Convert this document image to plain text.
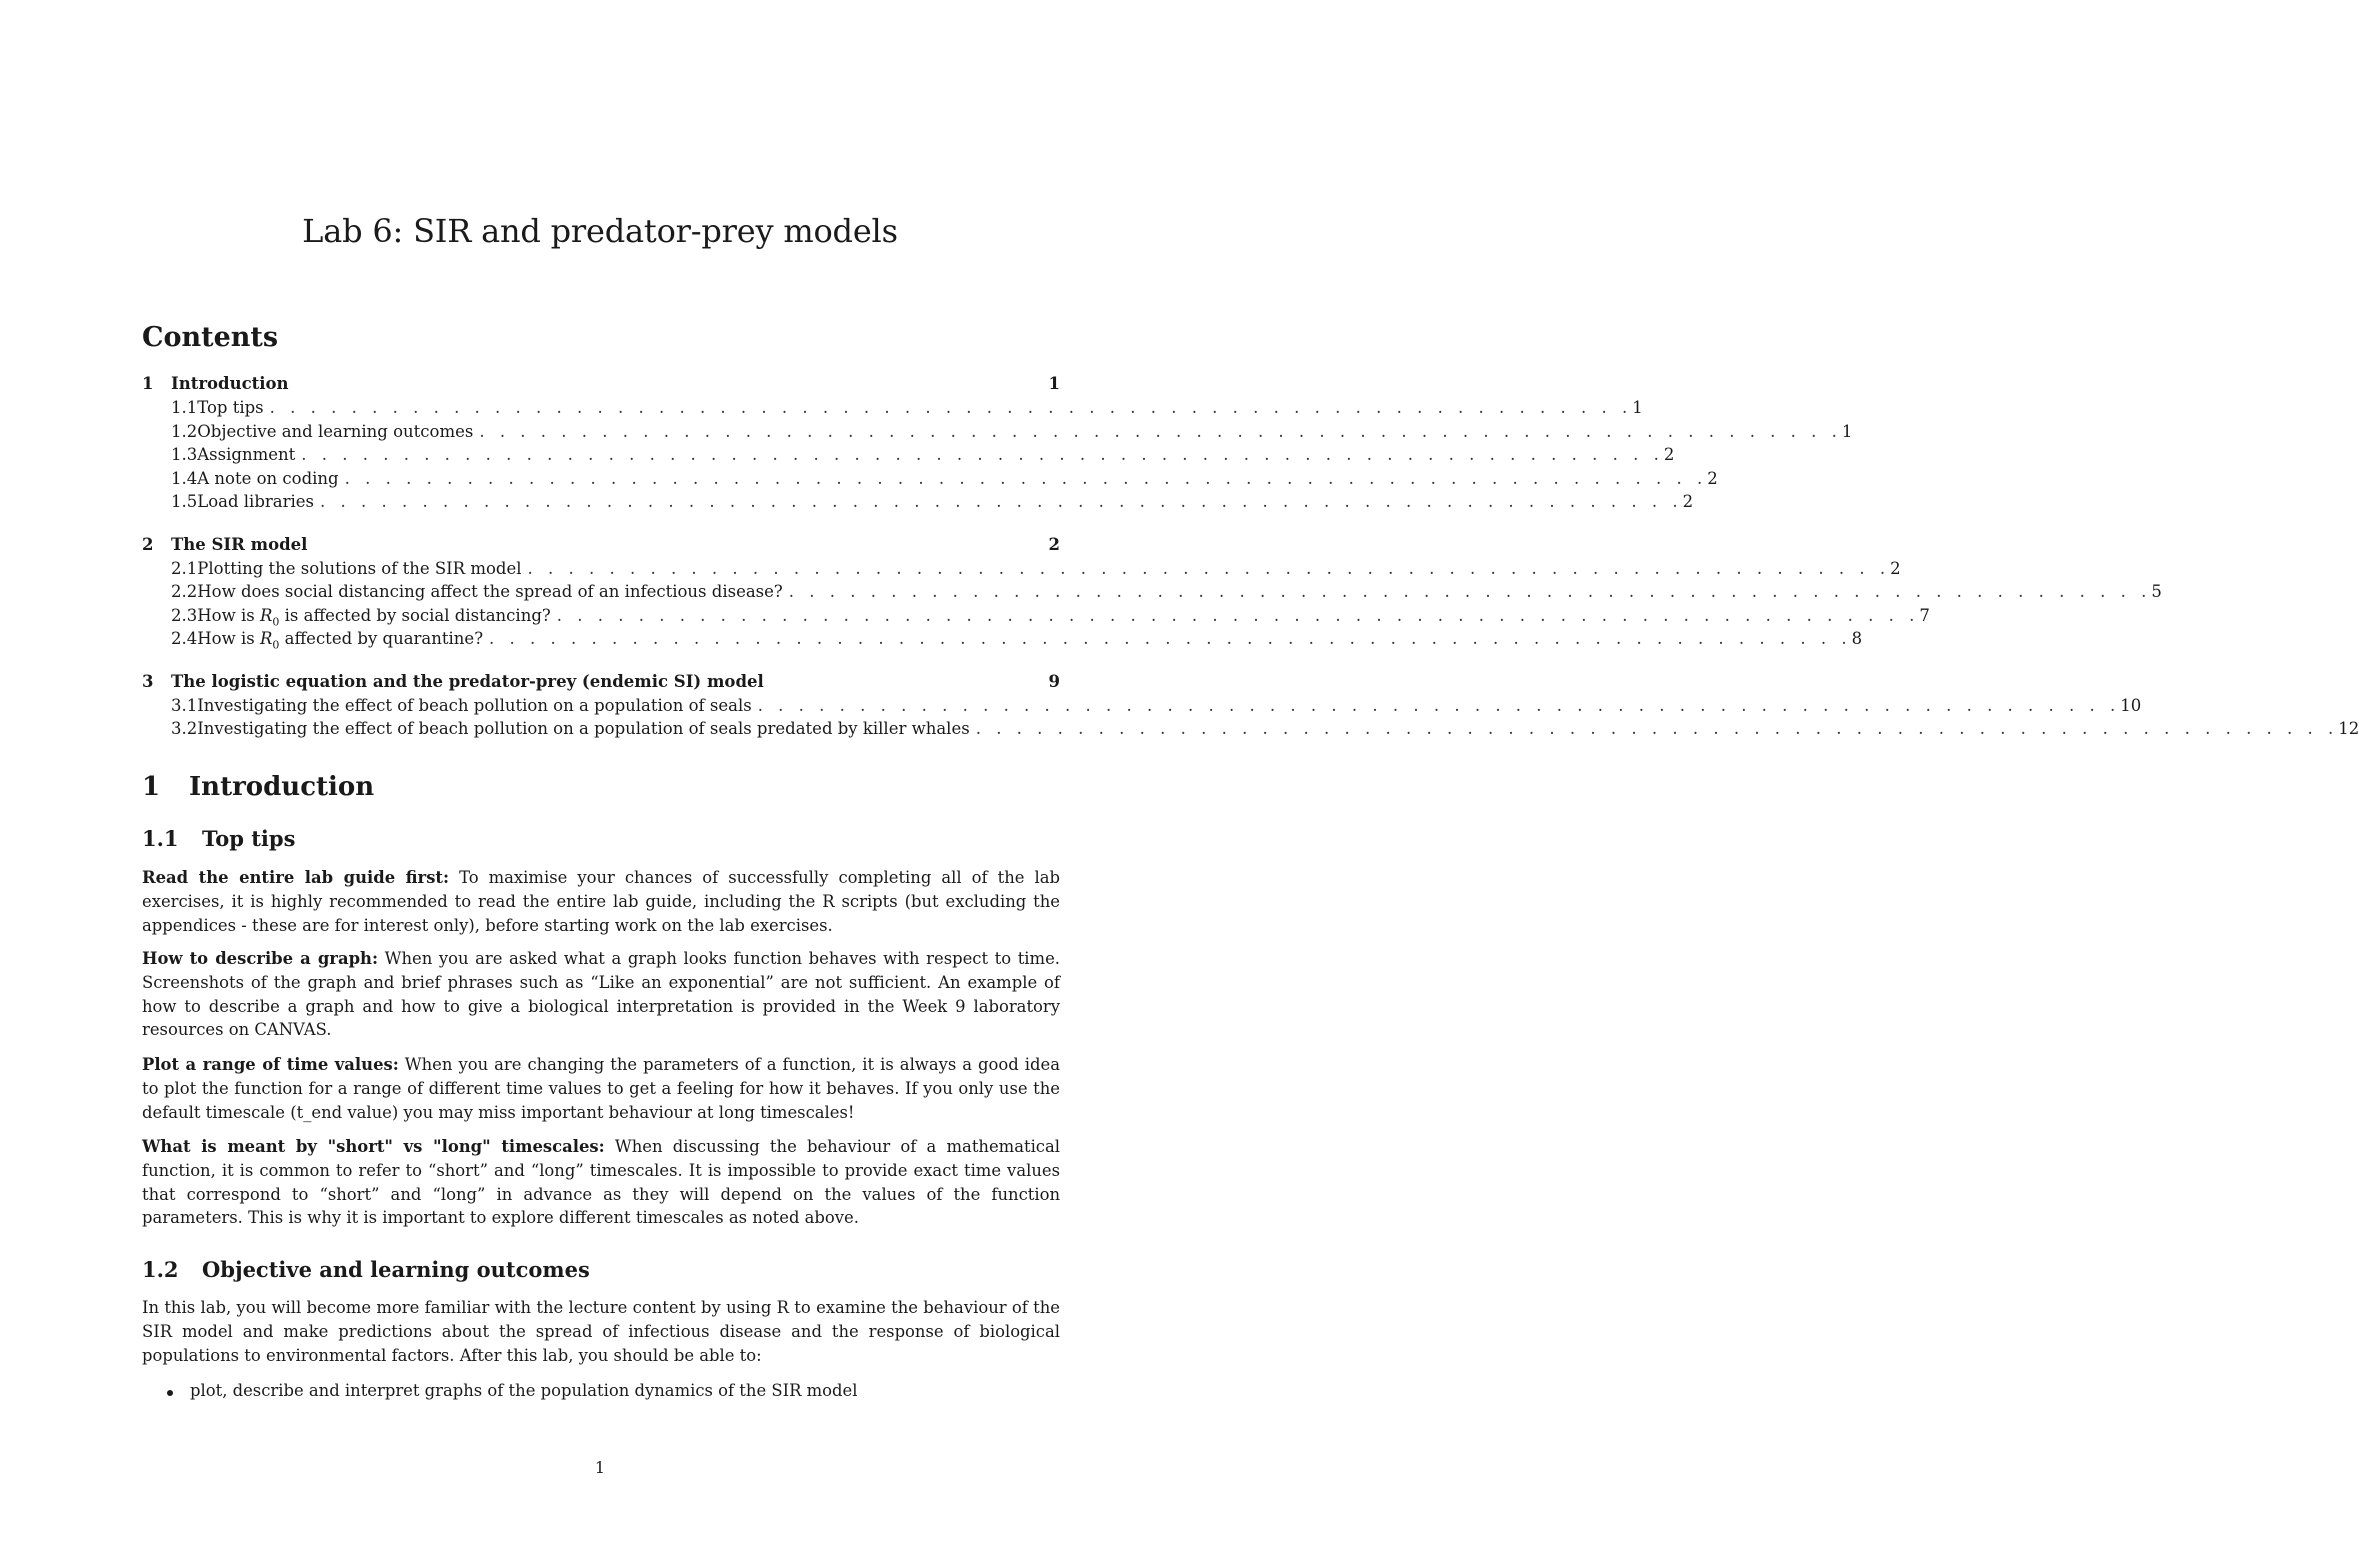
Lab 6: SIR and predator-prey models
Contents
1	Introduction	1
1.1 Top tips . . . . . . . . . . . . . . . . . . . . . . . . . . . . . . . . . . . . . . . . . . . . . . . . . . . . . . . . . . . . . . . . . . . 1
1.2 Objective and learning outcomes . . . . . . . . . . . . . . . . . . . . . . . . . . . . . . . . . . . . . . . . . . . . . . . . . . . . . . . . . . . . . . . . . . . 1
1.3 Assignment . . . . . . . . . . . . . . . . . . . . . . . . . . . . . . . . . . . . . . . . . . . . . . . . . . . . . . . . . . . . . . . . . . . 2
1.4 A note on coding . . . . . . . . . . . . . . . . . . . . . . . . . . . . . . . . . . . . . . . . . . . . . . . . . . . . . . . . . . . . . . . . . . . 2
1.5 Load libraries . . . . . . . . . . . . . . . . . . . . . . . . . . . . . . . . . . . . . . . . . . . . . . . . . . . . . . . . . . . . . . . . . . . 2
2	The SIR model	2
2.1 Plotting the solutions of the SIR model . . . . . . . . . . . . . . . . . . . . . . . . . . . . . . . . . . . . . . . . . . . . . . . . . . . . . . . . . . . . . . . . . . . 2
2.2 How does social distancing affect the spread of an infectious disease? . . . . . . . . . . . . . . . . . . . . . . . . . . . . . . . . . . . . . . . . . . . . . . . . . . . . . . . . . . . . . . . . . . . 5
2.3 How is $R_0$ is affected by social distancing? . . . . . . . . . . . . . . . . . . . . . . . . . . . . . . . . . . . . . . . . . . . . . . . . . . . . . . . . . . . . . . . . . . . 7
2.4 How is $R_0$ affected by quarantine? . . . . . . . . . . . . . . . . . . . . . . . . . . . . . . . . . . . . . . . . . . . . . . . . . . . . . . . . . . . . . . . . . . . 8
3	The logistic equation and the predator-prey (endemic SI) model	9
3.1 Investigating the effect of beach pollution on a population of seals . . . . . . . . . . . . . . . . . . . . . . . . . . . . . . . . . . . . . . . . . . . . . . . . . . . . . . . . . . . . . . . . . . . 10
3.2 Investigating the effect of beach pollution on a population of seals predated by killer whales . . . . . . . . . . . . . . . . . . . . . . . . . . . . . . . . . . . . . . . . . . . . . . . . . . . . . . . . . . . . . . . . . . . 12
1 Introduction
1.1 Top tips

Read the entire lab guide first: To maximise your chances of successfully completing all of the lab exercises, it is highly recommended to read the entire lab guide, including the R scripts (but excluding the appendices - these are for interest only), before starting work on the lab exercises.

How to describe a graph: When you are asked what a graph looks function behaves with respect to time. Screenshots of the graph and brief phrases such as “Like an exponential” are not sufficient. An example of how to describe a graph and how to give a biological interpretation is provided in the Week 9 laboratory resources on CANVAS.

Plot a range of time values: When you are changing the parameters of a function, it is always a good idea to plot the function for a range of different time values to get a feeling for how it behaves. If you only use the default timescale (t_end value) you may miss important behaviour at long timescales!

What is meant by "short" vs "long" timescales: When discussing the behaviour of a mathematical function, it is common to refer to “short” and “long” timescales. It is impossible to provide exact time values that correspond to “short” and “long” in advance as they will depend on the values of the function parameters. This is why it is important to explore different timescales as noted above.

1.2 Objective and learning outcomes

In this lab, you will become more familiar with the lecture content by using R to examine the behaviour of the SIR model and make predictions about the spread of infectious disease and the response of biological populations to environmental factors. After this lab, you should be able to:

plot, describe and interpret graphs of the population dynamics of the SIR model
1
